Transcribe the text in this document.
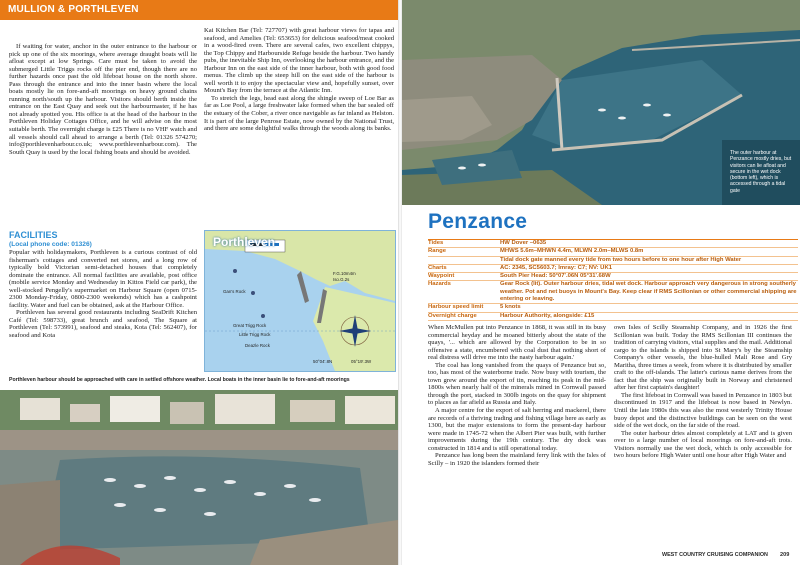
MULLION & PORTHLEVEN

If waiting for water, anchor in the outer entrance to the harbour or pick up one of the six moorings, where average draught boats will lie afloat except at low Springs. Care must be taken to avoid the submerged Little Triggs rocks off the pier end, though there are no further hazards once past the old lifeboat house on the north shore. Pass through the entrance and into the inner basin where the local boats mostly lie on fore-and-aft moorings on heavy ground chains running north/south up the harbour. Visitors should berth inside the entrance on the East Quay and seek out the harbourmaster, if he has not already spotted you. His office is at the head of the harbour in the Porthleven Holiday Cottages Office, and he will advise on the most suitable berth. The overnight charge is £25 There is no VHF watch and all vessels should call ahead to arrange a berth (Tel: 01326 574270; info@porthlevenharbour.co.uk; www.porthlevenharbour.com). The South Quay is used by the local fishing boats and should be avoided.

Kai Kitchen Bar (Tel: 727707) with great harbour views for tapas and seafood, and Amelies (Tel: 653653) for delicious seafood/meat cooked in a wood-fired oven. There are several cafes, two excellent chippys, the Top Chippy and Harbourside Refuge beside the harbour. Two handy pubs, the inevitable Ship Inn, overlooking the harbour entrance, and the Harbour Inn on the east side of the inner harbour, both with good food menus. The climb up the steep hill on the east side of the harbour is well worth it to enjoy the spectacular view and, hopefully sunset, over Mount's Bay from the terrace at the Atlantic Inn.

To stretch the legs, head east along the shingle sweep of Loe Bar as far as Loe Pool, a large freshwater lake formed when the bar sealed off the estuary of the Cober, a river once navigable as far inland as Helston. It is part of the large Penrose Estate, now owned by the National Trust, and there are some delightful walks through the woods along its banks.

FACILITIES
(Local phone code: 01326)

Popular with holidaymakers, Porthleven is a curious contrast of old fisherman's cottages and converted net stores, and a long row of typically bold Victorian semi-detached houses that completely dominate the entrance. All normal facilities are available, post office (mobile service Monday and Wednesday in Kittos Field car park), the well-stocked Pengelly's supermarket on Harbour Square (open 0715-2300 Monday-Friday, 0800-2300 weekends) which has a cashpoint facility. Water and fuel can be obtained, ask at the Harbour Office.

Porthleven has several good restaurants including SeaDrift Kitchen Café (Tel: 598733), great brunch and seafood, The Square at Porthleven (Tel: 573991), seafood and steaks, Kota (Tel: 562407), for seafood and Kota

Porthleven
Gan's Rock
Great Trigg Rock
Little Trigg Rock
Deazle Rock
F.G.10m4m
Iso.G.2s
50°04'.8N	05°19'.3W
Porthleven harbour should be approached with care in settled offshore weather. Local boats in the inner basin lie to fore-and-aft moorings
The outer harbour at Penzance mostly dries, but visitors can lie afloat and secure in the wet dock (bottom left), which is accessed through a tidal gate
Penzance
Tides	HW Dover –0635
Range	MHWS 5.6m–MHWN 4.4m, MLWN 2.0m–MLWS 0.8m
Tidal dock gate manned every tide from two hours before to one hour after High Water
Charts	AC: 2345, SC5603.7; Imray: C7; NV: UK1
Waypoint	South Pier Head: 50°07'.06N 05°31'.68W
Hazards	Gear Rock (lit). Outer harbour dries, tidal wet dock. Harbour approach very dangerous in strong southerly weather. Pot and net buoys in Mount's Bay. Keep clear if RMS Scillonian or other commercial shipping are entering or leaving.
Harbour speed limit	5 knots
Overnight charge	Harbour Authority, alongside: £15

When McMullen put into Penzance in 1868, it was still in its busy commercial heyday and he moaned bitterly about the state of the quays, '... which are allowed by the Corporation to be in so offensive a state, encumbered with coal dust that nothing short of real distress will drive me into the nasty harbour again.'

The coal has long vanished from the quays of Penzance but so, too, has most of the waterborne trade. Now busy with tourism, the town grew around the export of tin, reaching its peak in the mid-1800s when nearly half of the minerals mined in Cornwall passed through the port, stacked in 300lb ingots on the quay for shipment to places as far afield as Russia and Italy.

A major centre for the export of salt herring and mackerel, there are records of a thriving trading and fishing village here as early as 1300, but the major extensions to form the present-day harbour were made in 1745-72 when the Albert Pier was built, with further improvements during the 19th century. The dry dock was constructed in 1814 and is still operational today.

Penzance has long been the mainland ferry link with the Isles of Scilly – in 1920 the islanders formed their

own Isles of Scilly Steamship Company, and in 1926 the first Scillonian was built. Today the RMS Scillonian III continues the tradition of carrying visitors, vital supplies and the mail. Additional cargo to the islands is shipped into St Mary's by the Steamship Company's other vessels, the blue-hulled Mali Rose and Gry Maritha, three times a week, from where it is distributed by smaller craft to the off-islands. The latter's curious name derives from the fact that the ship was originally built in Norway and christened after her first captain's daughter!

The first lifeboat in Cornwall was based in Penzance in 1803 but discontinued in 1917 and the lifeboat is now based in Newlyn. Until the late 1980s this was also the most westerly Trinity House buoy depot and the distinctive buildings can be seen on the west side of the wet dock, on the far side of the road.

The outer harbour dries almost completely at LAT and is given over to a large number of local moorings on fore-and-aft trots. Visitors normally use the wet dock, which is only accessible for two hours before High Water until one hour after High Water and

WEST COUNTRY CRUISING COMPANION 209
